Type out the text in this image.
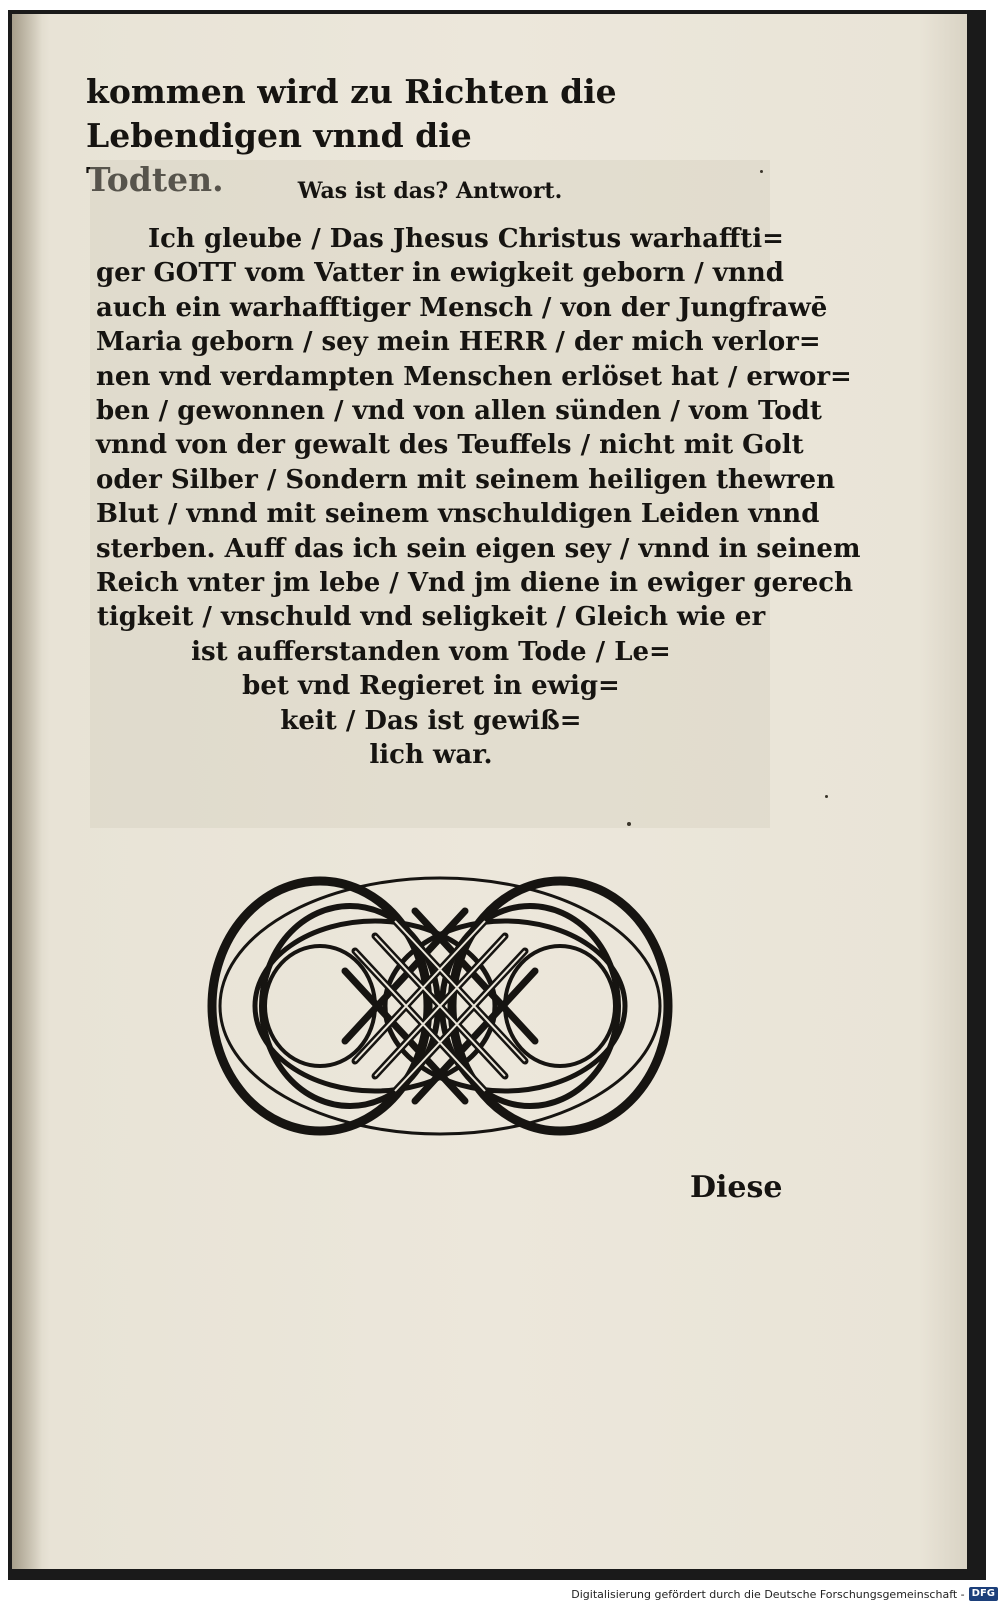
kommen wird zu Richten die Lebendigen vnnd die
Todten.	Was ist das? Antwort.
Ich gleube / Das Jhesus Christus warhaffti=
ger GOTT vom Vatter in ewigkeit geborn / vnnd
auch ein warhafftiger Mensch / von der Jungfrawē
Maria geborn / sey mein HERR / der mich verlor=
nen vnd verdampten Menschen erlöset hat / erwor=
ben / gewonnen / vnd von allen sünden / vom Todt
vnnd von der gewalt des Teuffels / nicht mit Golt
oder Silber / Sondern mit seinem heiligen thewren
Blut / vnnd mit seinem vnschuldigen Leiden vnnd
sterben. Auff das ich sein eigen sey / vnnd in seinem
Reich vnter jm lebe / Vnd jm diene in ewiger gerech
tigkeit / vnschuld vnd seligkeit / Gleich wie er
ist aufferstanden vom Tode / Le=
bet vnd Regieret in ewig=
keit / Das ist gewiß=
lich war.
Diese
Digitalisierung gefördert durch die Deutsche Forschungsgemeinschaft - DFG
